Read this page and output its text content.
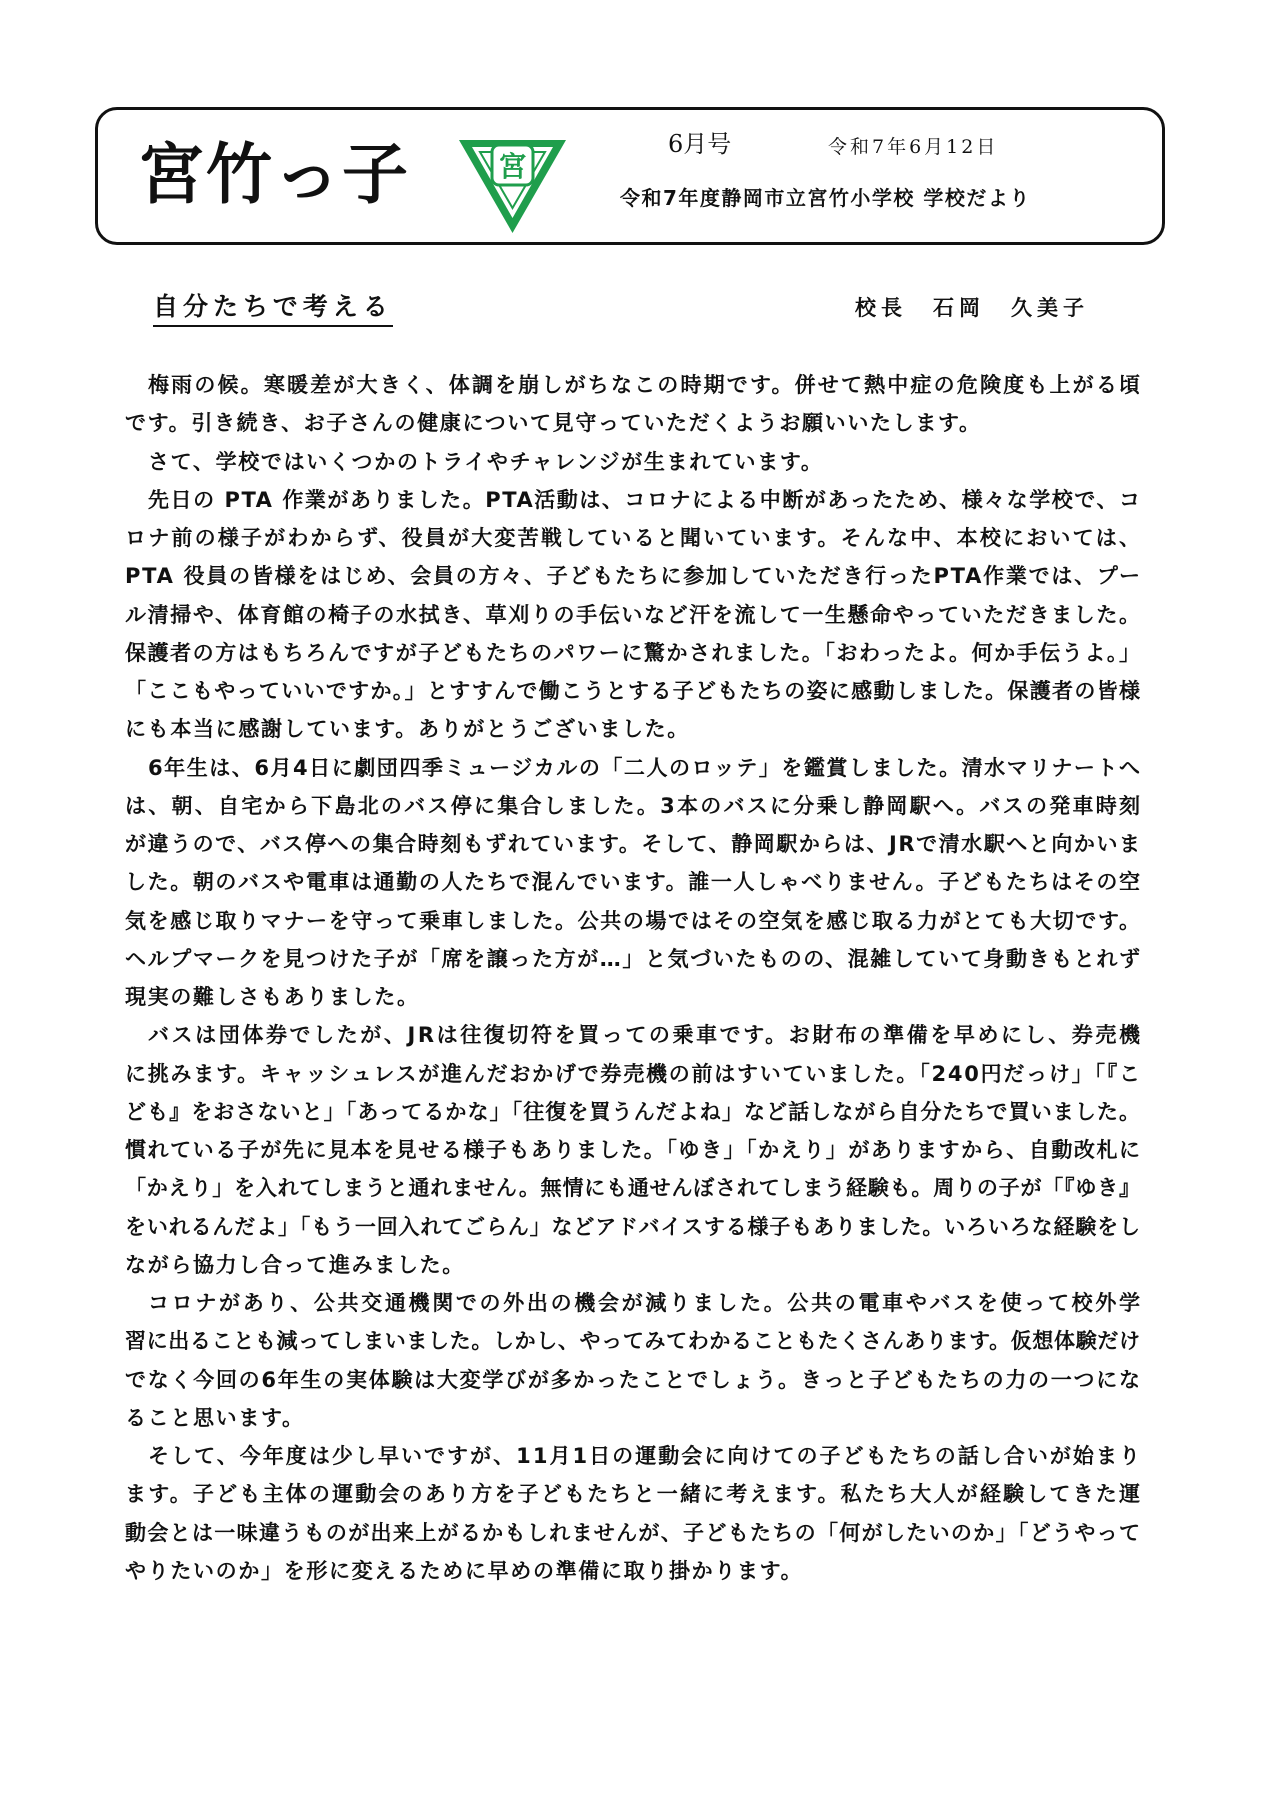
宮竹っ子	宮
6月号	令和7年6月12日
令和7年度静岡市立宮竹小学校 学校だより
自分たちで考える	校長　石岡　久美子
梅雨の候。寒暖差が大きく、体調を崩しがちなこの時期です。併せて熱中症の危険度も上がる頃
です。引き続き、お子さんの健康について見守っていただくようお願いいたします。
さて、学校ではいくつかのトライやチャレンジが生まれています。
先日の PTA 作業がありました。PTA活動は、コロナによる中断があったため、様々な学校で、コ
ロナ前の様子がわからず、役員が大変苦戦していると聞いています。そんな中、本校においては、
PTA 役員の皆様をはじめ、会員の方々、子どもたちに参加していただき行ったPTA作業では、プー
ル清掃や、体育館の椅子の水拭き、草刈りの手伝いなど汗を流して一生懸命やっていただきました。
保護者の方はもちろんですが子どもたちのパワーに驚かされました。「おわったよ。何か手伝うよ。」
「ここもやっていいですか。」とすすんで働こうとする子どもたちの姿に感動しました。保護者の皆様
にも本当に感謝しています。ありがとうございました。
6年生は、6月4日に劇団四季ミュージカルの「二人のロッテ」を鑑賞しました。清水マリナートへ
は、朝、自宅から下島北のバス停に集合しました。3本のバスに分乗し静岡駅へ。バスの発車時刻
が違うので、バス停への集合時刻もずれています。そして、静岡駅からは、JRで清水駅へと向かいま
した。朝のバスや電車は通勤の人たちで混んでいます。誰一人しゃべりません。子どもたちはその空
気を感じ取りマナーを守って乗車しました。公共の場ではその空気を感じ取る力がとても大切です。
ヘルプマークを見つけた子が「席を譲った方が…」と気づいたものの、混雑していて身動きもとれず
現実の難しさもありました。
バスは団体券でしたが、JRは往復切符を買っての乗車です。お財布の準備を早めにし、券売機
に挑みます。キャッシュレスが進んだおかげで券売機の前はすいていました。「240円だっけ」「『こ
ども』をおさないと」「あってるかな」「往復を買うんだよね」など話しながら自分たちで買いました。
慣れている子が先に見本を見せる様子もありました。「ゆき」「かえり」がありますから、自動改札に
「かえり」を入れてしまうと通れません。無情にも通せんぼされてしまう経験も。周りの子が「『ゆき』
をいれるんだよ」「もう一回入れてごらん」などアドバイスする様子もありました。いろいろな経験をし
ながら協力し合って進みました。
コロナがあり、公共交通機関での外出の機会が減りました。公共の電車やバスを使って校外学
習に出ることも減ってしまいました。しかし、やってみてわかることもたくさんあります。仮想体験だけ
でなく今回の6年生の実体験は大変学びが多かったことでしょう。きっと子どもたちの力の一つにな
ること思います。
そして、今年度は少し早いですが、11月1日の運動会に向けての子どもたちの話し合いが始まり
ます。子ども主体の運動会のあり方を子どもたちと一緒に考えます。私たち大人が経験してきた運
動会とは一味違うものが出来上がるかもしれませんが、子どもたちの「何がしたいのか」「どうやって
やりたいのか」を形に変えるために早めの準備に取り掛かります。
